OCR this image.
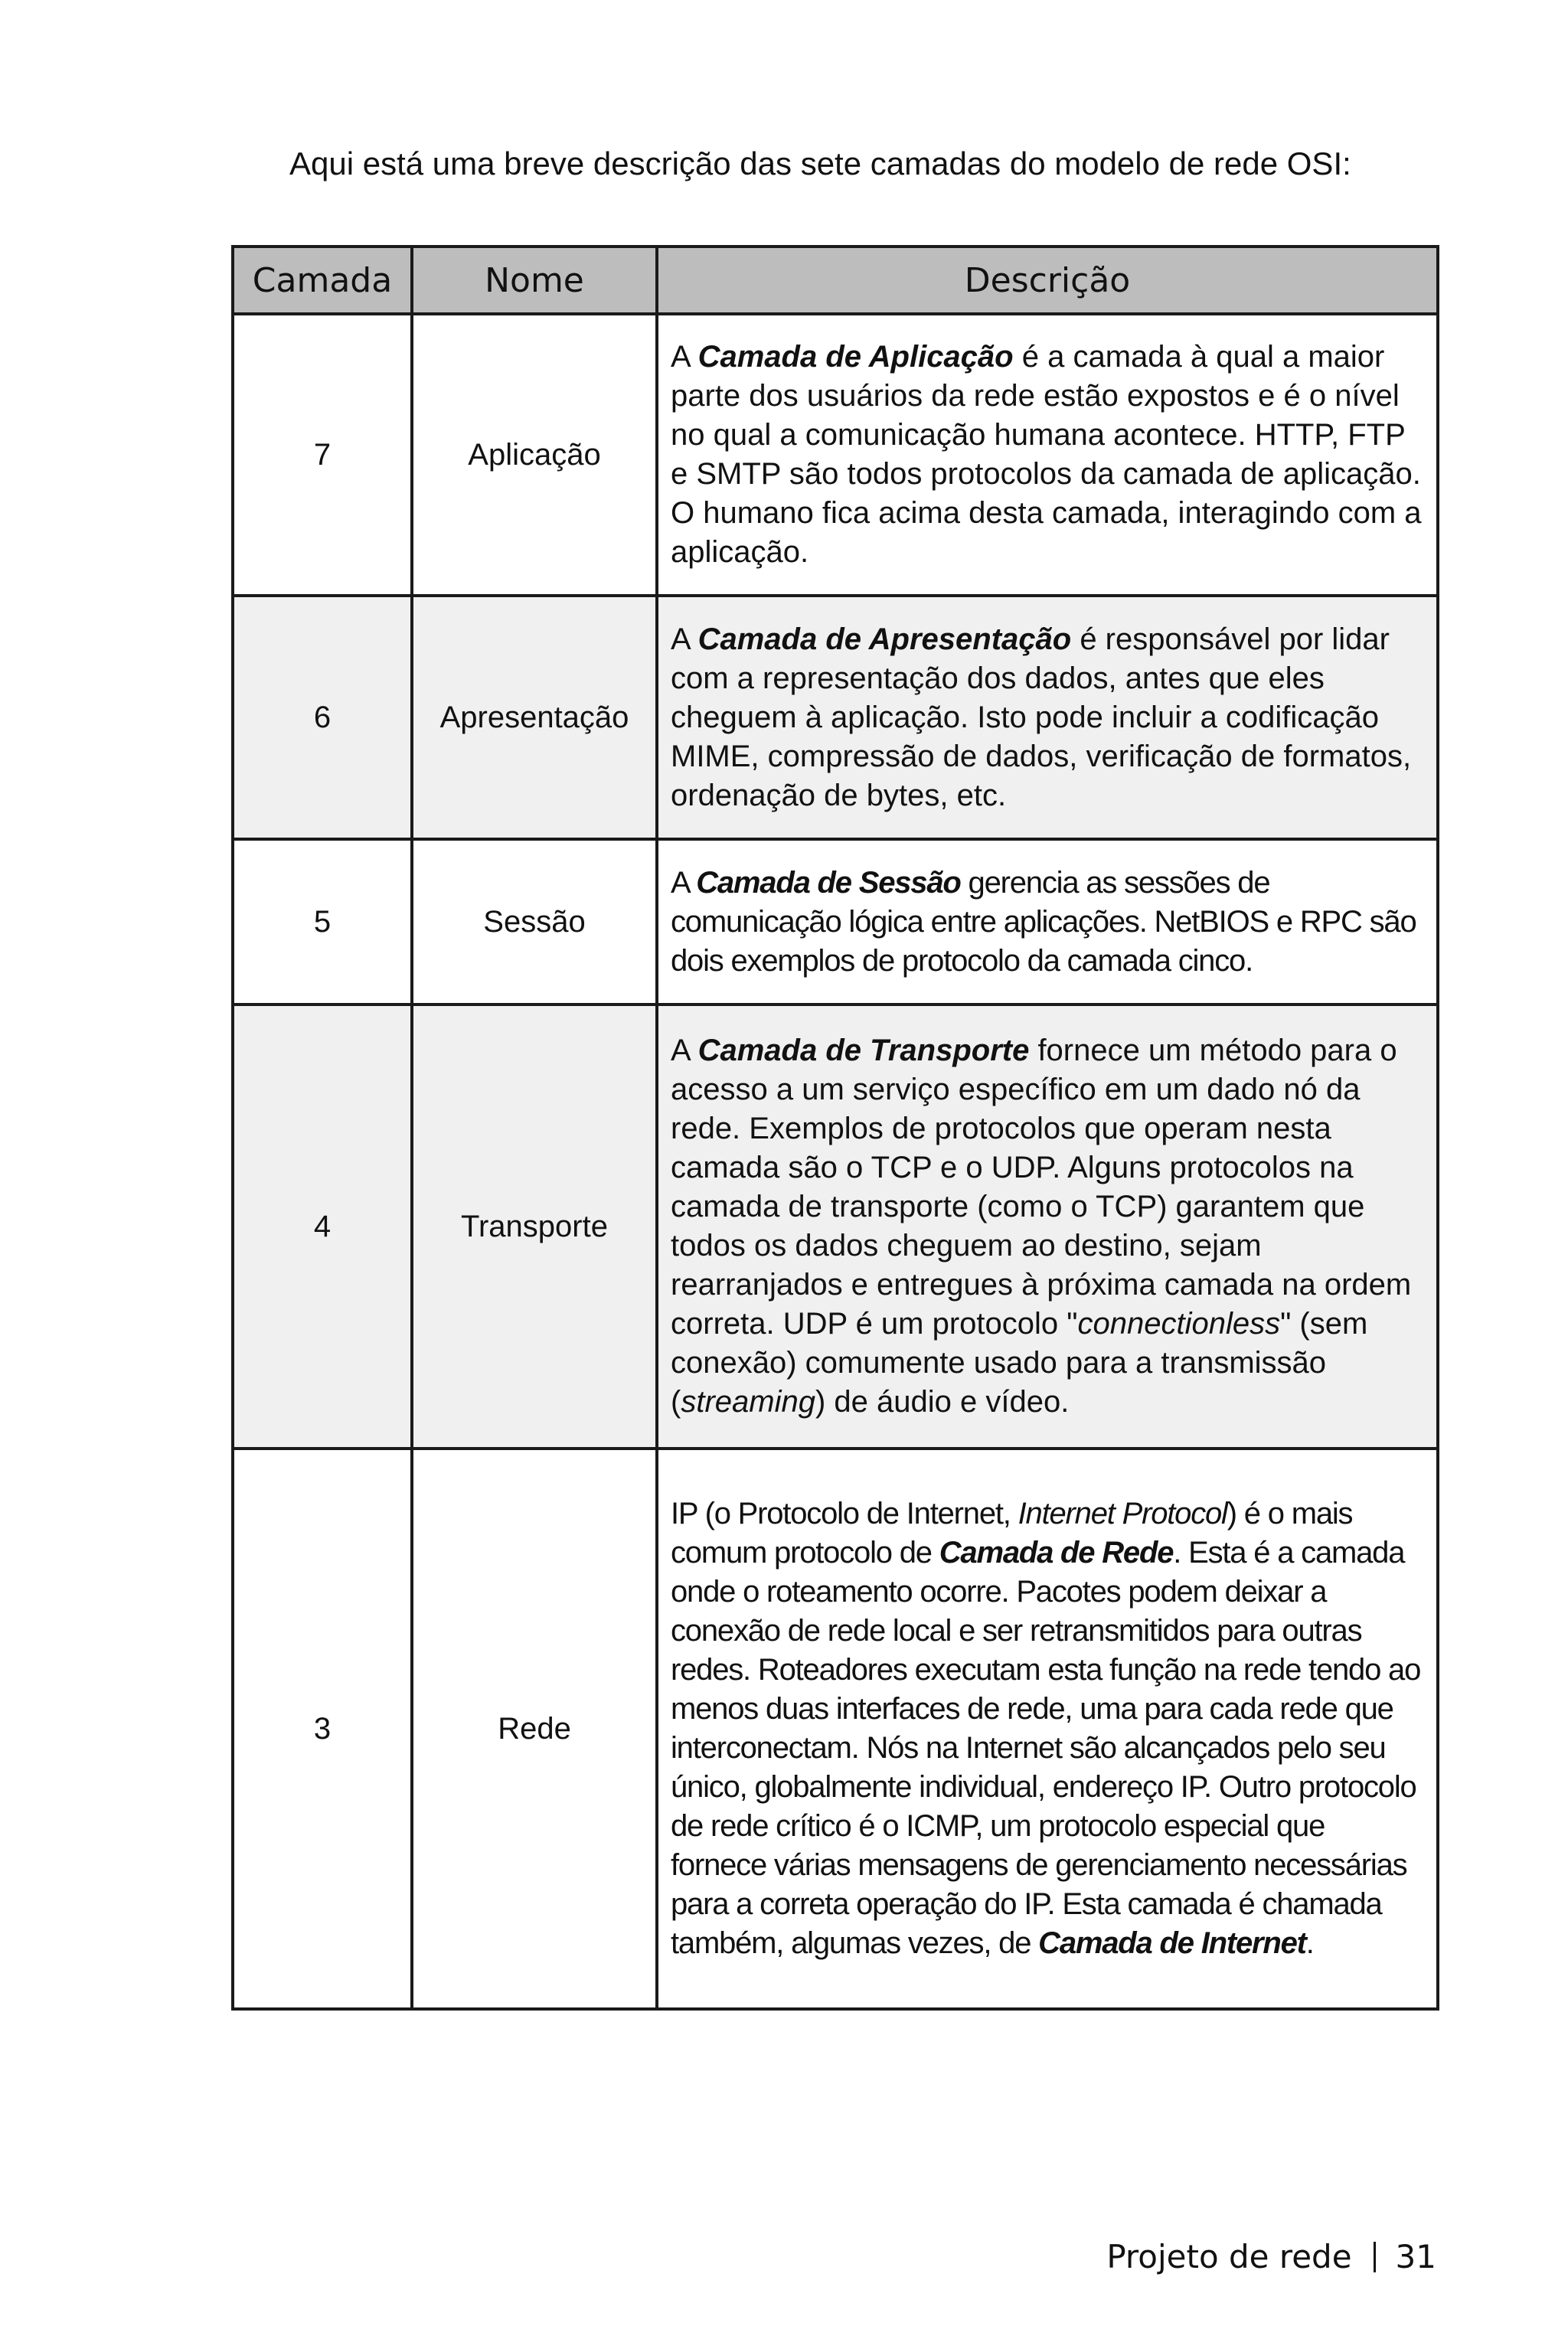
Aqui está uma breve descrição das sete camadas do modelo de rede OSI:
Camada	Nome	Descrição
7	Aplicação	A Camada de Aplicação é a camada à qual a maior parte dos usuários da rede estão expostos e é o nível no qual a comunicação humana acontece. HTTP, FTP e SMTP são todos protocolos da camada de aplicação. O humano fica acima desta camada, interagindo com a aplicação.
6	Apresentação	A Camada de Apresentação é responsável por lidar com a representação dos dados, antes que eles cheguem à aplicação. Isto pode incluir a codificação MIME, compressão de dados, verificação de formatos, ordenação de bytes, etc.
5	Sessão	A Camada de Sessão gerencia as sessões de comunicação lógica entre aplicações. NetBIOS e RPC são dois exemplos de protocolo da camada cinco.
4	Transporte	A Camada de Transporte fornece um método para o acesso a um serviço específico em um dado nó da rede. Exemplos de protocolos que operam nesta camada são o TCP e o UDP. Alguns protocolos na camada de transporte (como o TCP) garantem que todos os dados cheguem ao destino, sejam rearranjados e entregues à próxima camada na ordem correta. UDP é um protocolo "connectionless" (sem conexão) comumente usado para a transmissão (streaming) de áudio e vídeo.
3	Rede	IP (o Protocolo de Internet, Internet Protocol) é o mais comum protocolo de Camada de Rede. Esta é a camada onde o roteamento ocorre. Pacotes podem deixar a conexão de rede local e ser retransmitidos para outras redes. Roteadores executam esta função na rede tendo ao menos duas interfaces de rede, uma para cada rede que interconectam. Nós na Internet são alcançados pelo seu único, globalmente individual, endereço IP. Outro protocolo de rede crítico é o ICMP, um protocolo especial que fornece várias mensagens de gerenciamento necessárias para a correta operação do IP. Esta camada é chamada também, algumas vezes, de Camada de Internet.
Projeto de rede 31
